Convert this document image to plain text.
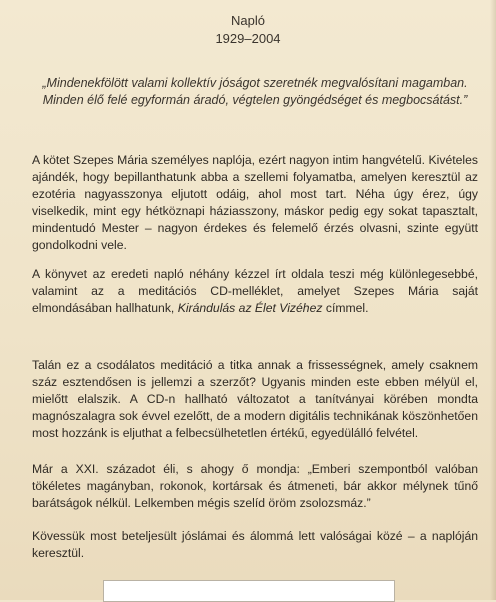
Napló
1929–2004
„Mindenekfölött valami kollektív jóságot szeretnék megvalósítani magamban. Minden élő felé egyformán áradó, végtelen gyöngédséget és megbocsátást.”
A kötet Szepes Mária személyes naplója, ezért nagyon intim hangvételű. Kivételes ajándék, hogy bepillanthatunk abba a szellemi folyamatba, amelyen keresztül az ezotéria nagyasszonya eljutott odáig, ahol most tart. Néha úgy érez, úgy viselkedik, mint egy hétköznapi háziasszony, máskor pedig egy sokat tapasztalt, mindentudó Mester – nagyon érdekes és felemelő érzés olvasni, szinte együtt gondolkodni vele.
A könyvet az eredeti napló néhány kézzel írt oldala teszi még különlegesebbé, valamint az a meditációs CD-melléklet, amelyet Szepes Mária saját elmondásában hallhatunk, Kirándulás az Élet Vizéhez címmel.
Talán ez a csodálatos meditáció a titka annak a frissességnek, amely csaknem száz esztendősen is jellemzi a szerzőt? Ugyanis minden este ebben mélyül el, mielőtt elalszik. A CD-n hallható változatot a tanítványai körében mondta magnószalagra sok évvel ezelőtt, de a modern digitális technikának köszönhetően most hozzánk is eljuthat a felbecsülhetetlen értékű, egyedülálló felvétel.
Már a XXI. századot éli, s ahogy ő mondja: „Emberi szempontból valóban tökéletes magányban, rokonok, kortársak és átmeneti, bár akkor mélynek tűnő barátságok nélkül. Lelkemben mégis szelíd öröm zsolozsmáz.”
Kövessük most beteljesült jóslámai és álommá lett valóságai közé – a naplóján keresztül.
